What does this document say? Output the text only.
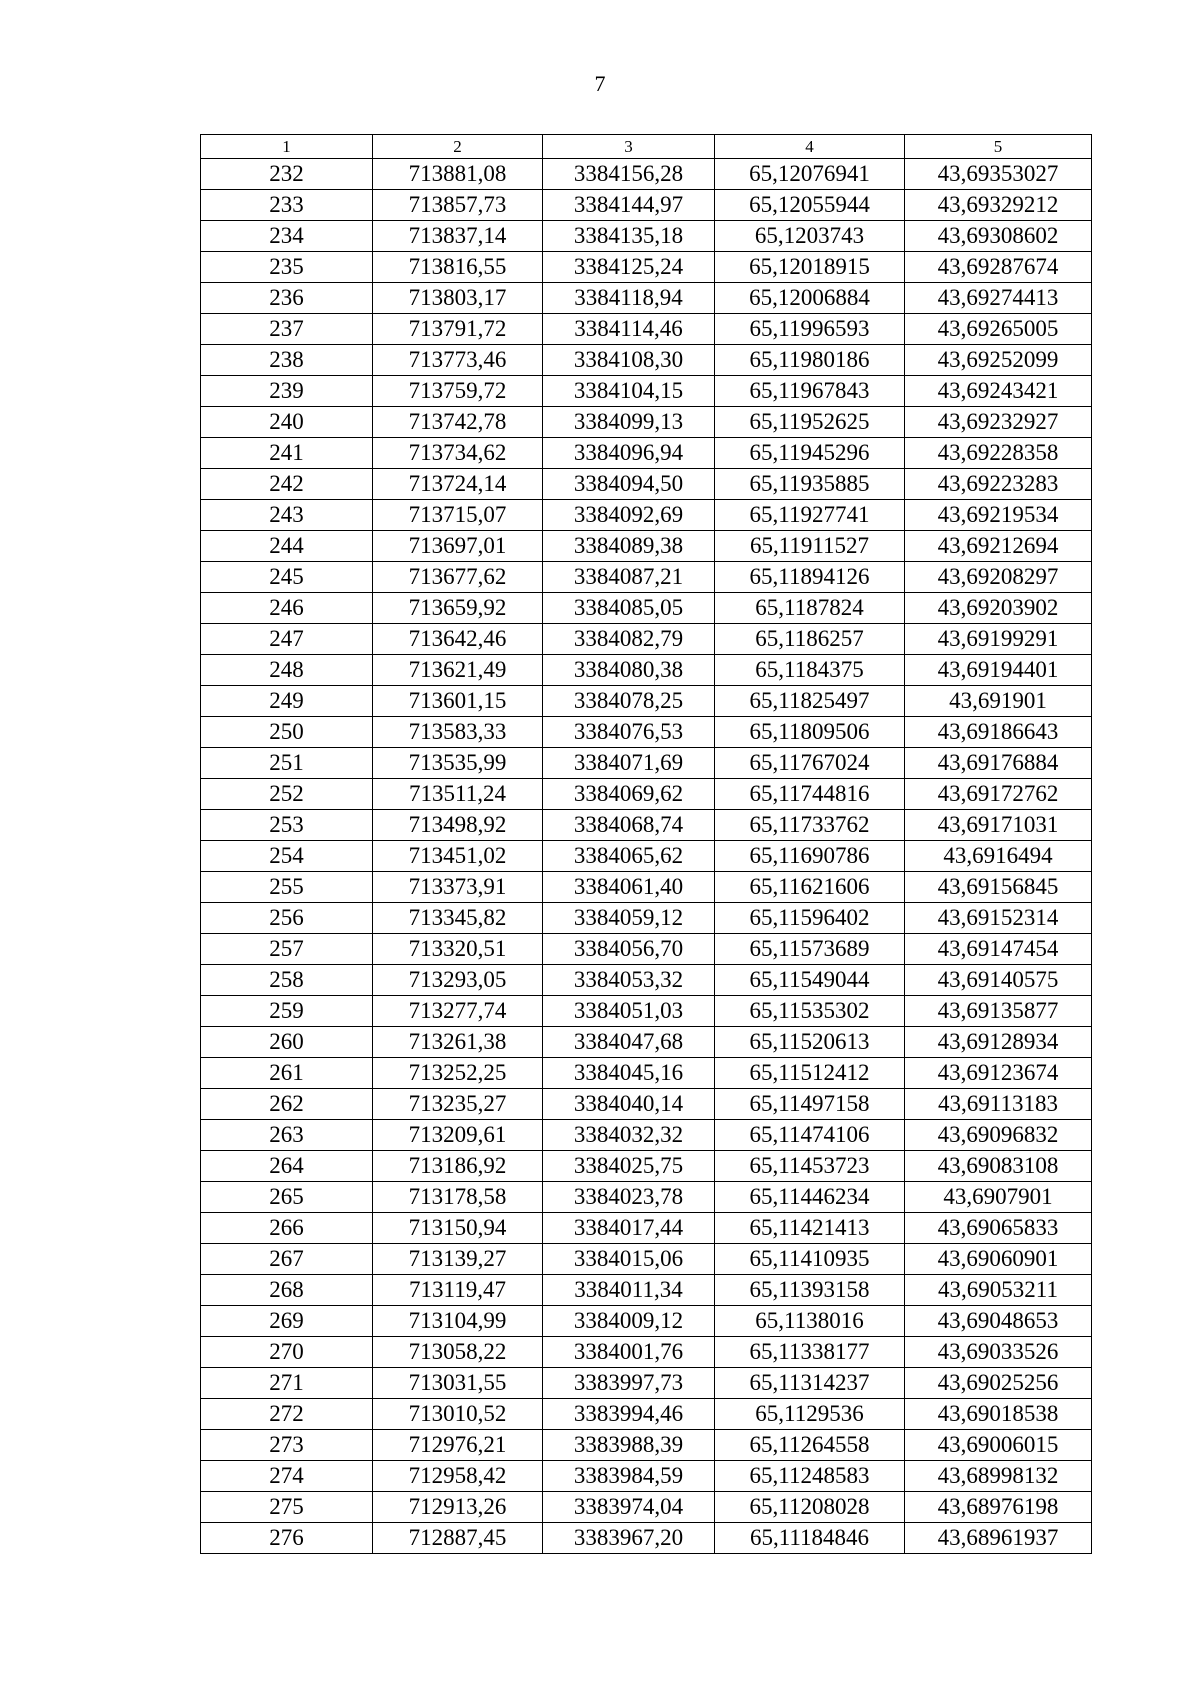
7
1	2	3	4	5
232	713881,08	3384156,28	65,12076941	43,69353027
233	713857,73	3384144,97	65,12055944	43,69329212
234	713837,14	3384135,18	65,1203743	43,69308602
235	713816,55	3384125,24	65,12018915	43,69287674
236	713803,17	3384118,94	65,12006884	43,69274413
237	713791,72	3384114,46	65,11996593	43,69265005
238	713773,46	3384108,30	65,11980186	43,69252099
239	713759,72	3384104,15	65,11967843	43,69243421
240	713742,78	3384099,13	65,11952625	43,69232927
241	713734,62	3384096,94	65,11945296	43,69228358
242	713724,14	3384094,50	65,11935885	43,69223283
243	713715,07	3384092,69	65,11927741	43,69219534
244	713697,01	3384089,38	65,11911527	43,69212694
245	713677,62	3384087,21	65,11894126	43,69208297
246	713659,92	3384085,05	65,1187824	43,69203902
247	713642,46	3384082,79	65,1186257	43,69199291
248	713621,49	3384080,38	65,1184375	43,69194401
249	713601,15	3384078,25	65,11825497	43,691901
250	713583,33	3384076,53	65,11809506	43,69186643
251	713535,99	3384071,69	65,11767024	43,69176884
252	713511,24	3384069,62	65,11744816	43,69172762
253	713498,92	3384068,74	65,11733762	43,69171031
254	713451,02	3384065,62	65,11690786	43,6916494
255	713373,91	3384061,40	65,11621606	43,69156845
256	713345,82	3384059,12	65,11596402	43,69152314
257	713320,51	3384056,70	65,11573689	43,69147454
258	713293,05	3384053,32	65,11549044	43,69140575
259	713277,74	3384051,03	65,11535302	43,69135877
260	713261,38	3384047,68	65,11520613	43,69128934
261	713252,25	3384045,16	65,11512412	43,69123674
262	713235,27	3384040,14	65,11497158	43,69113183
263	713209,61	3384032,32	65,11474106	43,69096832
264	713186,92	3384025,75	65,11453723	43,69083108
265	713178,58	3384023,78	65,11446234	43,6907901
266	713150,94	3384017,44	65,11421413	43,69065833
267	713139,27	3384015,06	65,11410935	43,69060901
268	713119,47	3384011,34	65,11393158	43,69053211
269	713104,99	3384009,12	65,1138016	43,69048653
270	713058,22	3384001,76	65,11338177	43,69033526
271	713031,55	3383997,73	65,11314237	43,69025256
272	713010,52	3383994,46	65,1129536	43,69018538
273	712976,21	3383988,39	65,11264558	43,69006015
274	712958,42	3383984,59	65,11248583	43,68998132
275	712913,26	3383974,04	65,11208028	43,68976198
276	712887,45	3383967,20	65,11184846	43,68961937
